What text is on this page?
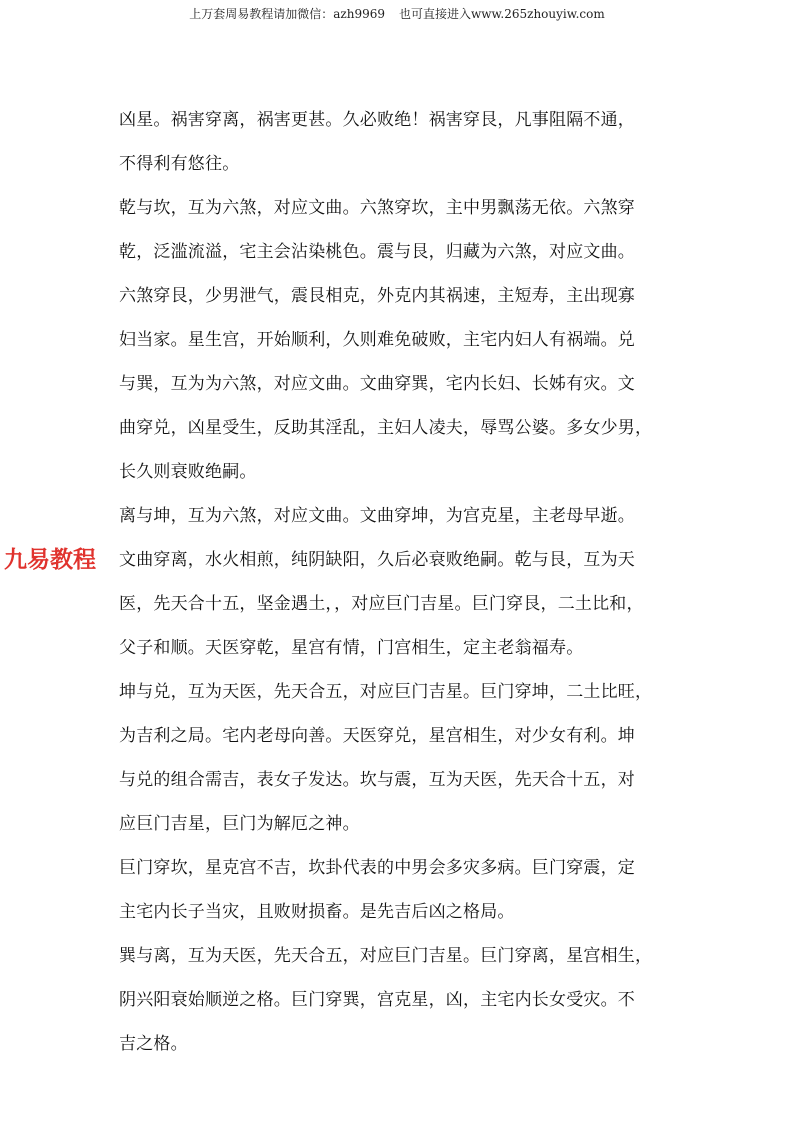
上万套周易教程请加微信：azh9969 也可直接进入www.265zhouyiw.com
九易教程

凶星。祸害穿离，祸害更甚。久必败绝！祸害穿艮，凡事阻隔不通，
不得利有悠往。

乾与坎，互为六煞，对应文曲。六煞穿坎，主中男飘荡无依。六煞穿
乾，泛滥流溢，宅主会沾染桃色。震与艮，归藏为六煞，对应文曲。
六煞穿艮，少男泄气，震艮相克，外克内其祸速，主短寿，主出现寡
妇当家。星生宫，开始顺利，久则难免破败，主宅内妇人有祸端。兑
与巽，互为为六煞，对应文曲。文曲穿巽，宅内长妇、长姊有灾。文
曲穿兑，凶星受生，反助其淫乱，主妇人凌夫，辱骂公婆。多女少男，
长久则衰败绝嗣。

离与坤，互为六煞，对应文曲。文曲穿坤，为宫克星，主老母早逝。
文曲穿离，水火相煎，纯阴缺阳，久后必衰败绝嗣。乾与艮，互为天
医，先天合十五，坚金遇土，，对应巨门吉星。巨门穿艮，二土比和，
父子和顺。天医穿乾，星宫有情，门宫相生，定主老翁福寿。

坤与兑，互为天医，先天合五，对应巨门吉星。巨门穿坤，二土比旺，
为吉利之局。宅内老母向善。天医穿兑，星宫相生，对少女有利。坤
与兑的组合需吉，表女子发达。坎与震，互为天医，先天合十五，对
应巨门吉星，巨门为解厄之神。

巨门穿坎，星克宫不吉，坎卦代表的中男会多灾多病。巨门穿震，定
主宅内长子当灾，且败财损畜。是先吉后凶之格局。

巽与离，互为天医，先天合五，对应巨门吉星。巨门穿离，星宫相生，
阴兴阳衰始顺逆之格。巨门穿巽，宫克星，凶，主宅内长女受灾。不
吉之格。
